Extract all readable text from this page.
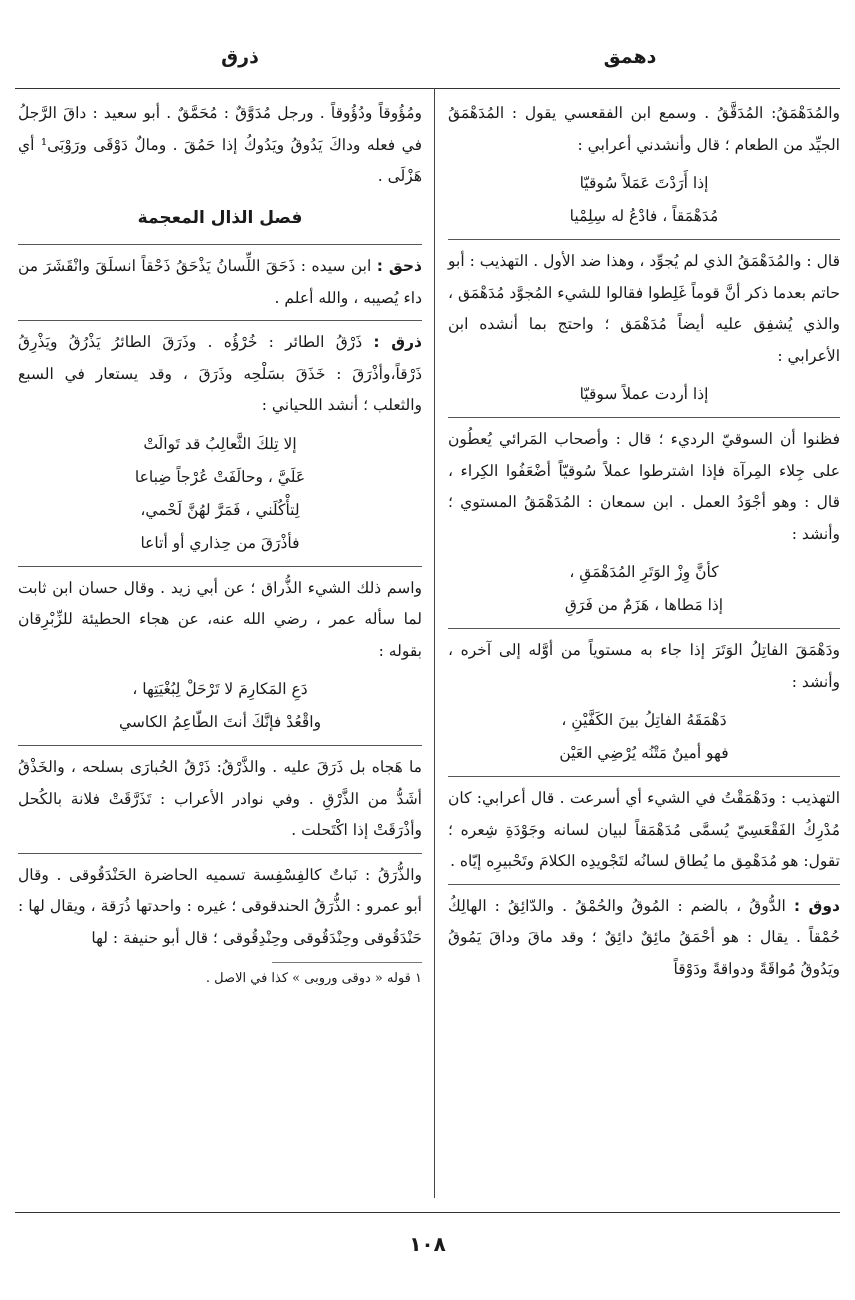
دهمق
ذرق

والمُدَهْمَقُ: المُدَقَّقُ . وسمع ابن الفقعسي يقول : المُدَهْمَقُ الجيِّد من الطعام ؛ قال وأنشدني أعرابي :

إذا أَرَدْتَ عَمَلاً سُوقيّا
مُدَهْمَقاً ، فادْعُ له سِلِمْيا

قال : والمُدَهْمَقُ الذي لم يُجوِّد ، وهذا ضد الأول . التهذيب : أبو حاتم بعدما ذكر أنَّ قوماً غَلِطوا فقالوا للشيء المُجوَّد مُدَهْمَق ، والذي يُشفِق عليه أيضاً مُدَهْمَق ؛ واحتج بما أنشده ابن الأعرابي :

إذا أردت عملاً سوقيّا

فظنوا أن السوقيّ الرديء ؛ قال : وأصحاب المَرائي يُعطُون على جِلاء المِرآة فإذا اشترطوا عملاً سُوقيّاً أضْعَفُوا الكِراء ، قال : وهو أجْوَدُ العمل . ابن سمعان : المُدَهْمَقُ المستوي ؛ وأنشد :

كأنَّ وِزْ الوَتَرِ المُدَهْمَقِ ،
إذا مَطاها ، هَزَمٌ من فَرَقِ

ودَهْمَقَ الفاتِلُ الوَتَرَ إذا جاء به مستوياً من أوَّله إلى آخره ، وأنشد :

دَهْمَقَهُ الفاتِلُ بينَ الكَفَّيْنِ ،
فهو أمينٌ مَتْنُه يُرْضِي العَيْن

التهذيب : ودَهْمَقْتُ في الشيء أي أسرعت . قال أعرابي: كان مُدْرِكُ الفَقْعَسِيّ يُسمَّى مُدَهْمَقاً لبيان لسانه وجَوْدَةِ شِعره ؛ تقول: هو مُدَهْمِق ما يُطاق لسانُه لتَجْويدِه الكلامَ وتَحْبيرِه إيّاه .

دوق : الدُّوقُ ، بالضم : المُوقُ والحُمْقُ . والدّائِقُ : الهالِكُ حُمْقاً . يقال : هو أحْمَقُ مائِقٌ دائِقٌ ؛ وقد ماقَ وداقَ يَمُوقُ ويَدُوقُ مُواقَةً ودواقةً ودَوْقاً

ومُؤُوقاً ودُؤُوقاً . ورجل مُدَوَّقٌ : مُحَمَّقٌ . أبو سعيد : داقَ الرَّجلُ في فعله وداكَ يَدُوقُ ويَدُوكُ إذا حَمُقَ . ومالٌ دَوْقَى ورَوْبَى¹ أي هَزْلَى .

فصل الذال المعجمة

ذحق : ابن سيده : ذَحَقَ اللِّسانُ يَذْحَقُ ذَحْقاً انسلَقَ وانْقَشَرَ من داء يُصيبه ، والله أعلم .

ذرق : ذَرْقُ الطائر : خُرْؤُه . وذَرَقَ الطائرُ يَذْرُقُ ويَذْرِقُ ذَرْقاً،وأذْرَقَ : خَذَقَ بسَلْحِه وذَرَقَ ، وقد يستعار في السبع والثعلب ؛ أنشد اللحياني :

إلا تِلكَ الثَّعالِبُ قد تَوالَتْ
عَلَيَّ ، وحالَفَتْ عُرْجاً ضِباعا
لِتأْكُلَني ، فَمَرَّ لهُنَّ لَحْمي،
فأذْرَقَ من حِذاري أو أتاعا

واسم ذلك الشيء الذُّراق ؛ عن أبي زيد . وقال حسان ابن ثابت لما سأله عمر ، رضي الله عنه، عن هجاء الحطيئة للزِّبْرِقان بقوله :

دَعِ المَكارِمَ لا تَرْحَلْ لِبُغْيَتِها ،
واقْعُدْ فإنَّكَ أنتَ الطّاعِمُ الكاسي

ما هَجاه بل ذَرَقَ عليه . والذَّرْقُ: ذَرْقُ الحُبارَى بسلحه ، والخَذْقُ أشَدُّ من الذَّرْقِ . وفي نوادر الأعراب : تَذَرَّقَتْ فلانة بالكُحل وأذْرَقَتْ إذا اكْتَحلت .

والذُّرَقُ : نَباتٌ كالفِسْفِسة تسميه الحاضرة الحَنْدَقُوقى . وقال أبو عمرو : الذُّرَقُ الحندقوقى ؛ غيره : واحدتها ذُرَقة ، ويقال لها : حَنْدَقُوقى وحِنْدَقُوقى وحِنْدِقُوقى ؛ قال أبو حنيفة : لها

١ قوله « دوقى وروبى » كذا في الاصل .

١٠٨
